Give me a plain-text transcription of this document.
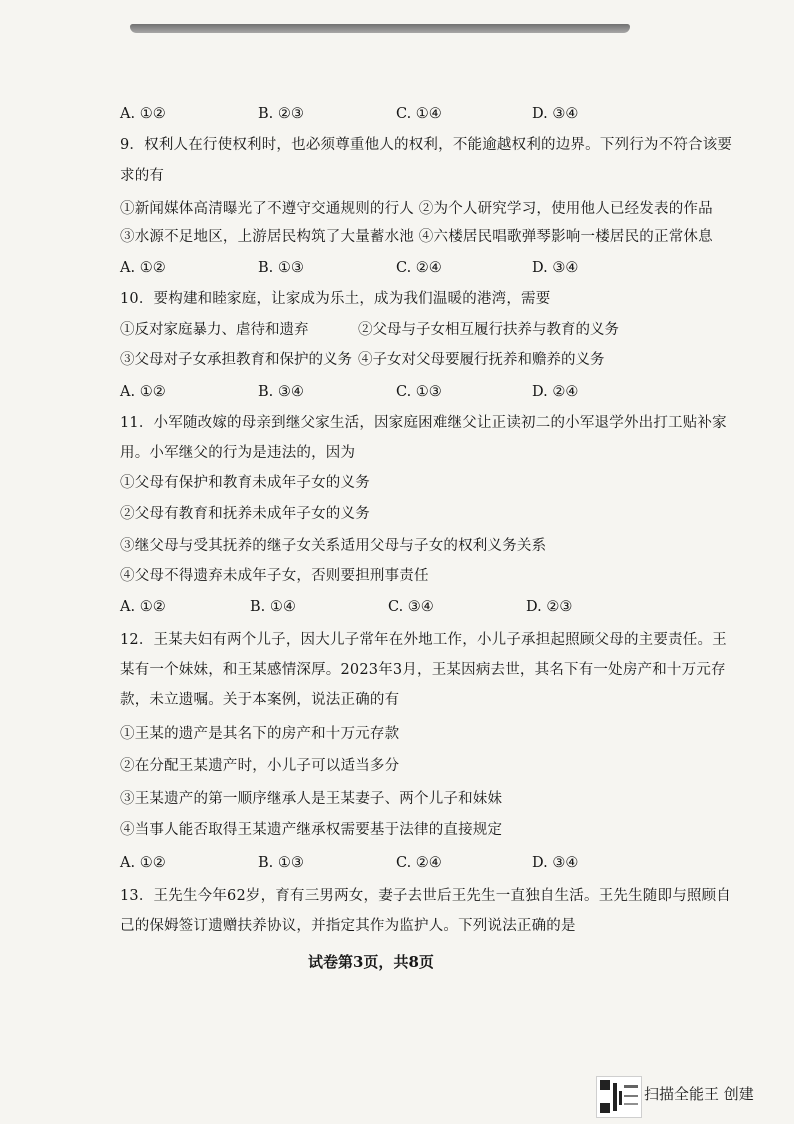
A. ①②	B. ②③	C. ①④	D. ③④
9．权利人在行使权利时，也必须尊重他人的权利，不能逾越权利的边界。下列行为不符合该要
求的有
①新闻媒体高清曝光了不遵守交通规则的行人 ②为个人研究学习，使用他人已经发表的作品
③水源不足地区，上游居民构筑了大量蓄水池 ④六楼居民唱歌弹琴影响一楼居民的正常休息
A. ①②	B. ①③	C. ②④	D. ③④
10．要构建和睦家庭，让家成为乐土，成为我们温暖的港湾，需要
①反对家庭暴力、虐待和遗弃	②父母与子女相互履行扶养与教育的义务
③父母对子女承担教育和保护的义务 ④子女对父母要履行抚养和赡养的义务
A. ①②	B. ③④	C. ①③	D. ②④
11．小军随改嫁的母亲到继父家生活，因家庭困难继父让正读初二的小军退学外出打工贴补家
用。小军继父的行为是违法的，因为
①父母有保护和教育未成年子女的义务
②父母有教育和抚养未成年子女的义务
③继父母与受其抚养的继子女关系适用父母与子女的权利义务关系
④父母不得遗弃未成年子女，否则要担刑事责任
A. ①②	B. ①④	C. ③④	D. ②③
12．王某夫妇有两个儿子，因大儿子常年在外地工作，小儿子承担起照顾父母的主要责任。王
某有一个妹妹，和王某感情深厚。2023年3月，王某因病去世，其名下有一处房产和十万元存
款，未立遗嘱。关于本案例，说法正确的有
①王某的遗产是其名下的房产和十万元存款
②在分配王某遗产时，小儿子可以适当多分
③王某遗产的第一顺序继承人是王某妻子、两个儿子和妹妹
④当事人能否取得王某遗产继承权需要基于法律的直接规定
A. ①②	B. ①③	C. ②④	D. ③④
13．王先生今年62岁，育有三男两女，妻子去世后王先生一直独自生活。王先生随即与照顾自
己的保姆签订遗赠扶养协议，并指定其作为监护人。下列说法正确的是
试卷第3页，共8页
扫描全能王 创建
